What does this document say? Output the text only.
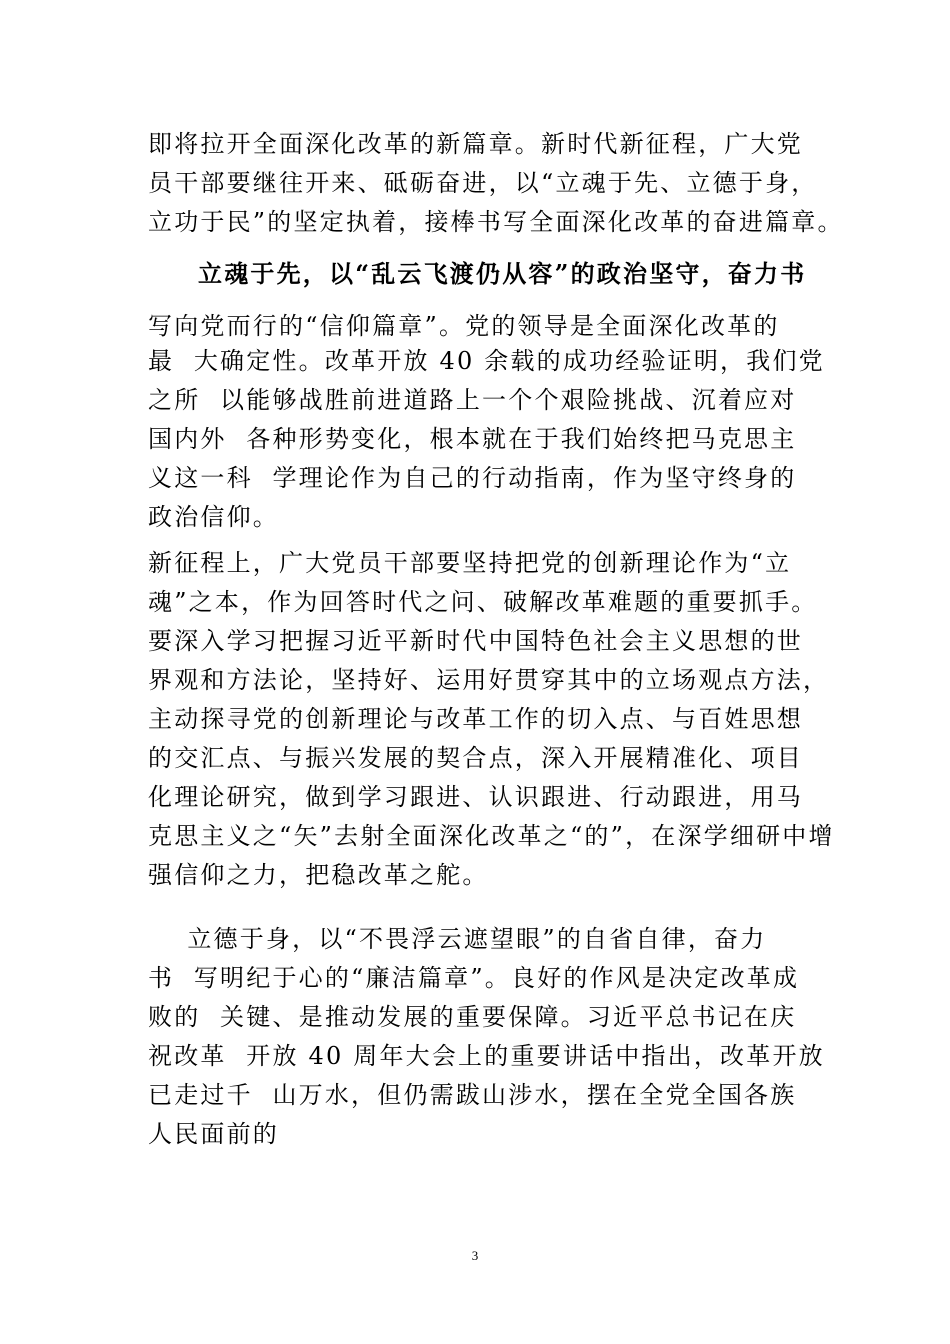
即将拉开全面深化改革的新篇章。新时代新征程，广大党
员干部要继往开来、砥砺奋进，以“立魂于先、立德于身，
立功于民”的坚定执着，接棒书写全面深化改革的奋进篇章。
立魂于先，以“乱云飞渡仍从容”的政治坚守，奋力书
写向党而行的“信仰篇章”。党的领导是全面深化改革的
最  大确定性。改革开放 40 余载的成功经验证明，我们党
之所  以能够战胜前进道路上一个个艰险挑战、沉着应对
国内外  各种形势变化，根本就在于我们始终把马克思主
义这一科  学理论作为自己的行动指南，作为坚守终身的
政治信仰。
新征程上，广大党员干部要坚持把党的创新理论作为“立
魂”之本，作为回答时代之问、破解改革难题的重要抓手。
要深入学习把握习近平新时代中国特色社会主义思想的世
界观和方法论，坚持好、运用好贯穿其中的立场观点方法，
主动探寻党的创新理论与改革工作的切入点、与百姓思想
的交汇点、与振兴发展的契合点，深入开展精准化、项目
化理论研究，做到学习跟进、认识跟进、行动跟进，用马
克思主义之“矢”去射全面深化改革之“的”，在深学细研中增
强信仰之力，把稳改革之舵。
立德于身，以“不畏浮云遮望眼”的自省自律，奋力
书  写明纪于心的“廉洁篇章”。良好的作风是决定改革成
败的  关键、是推动发展的重要保障。习近平总书记在庆
祝改革  开放 40 周年大会上的重要讲话中指出，改革开放
已走过千  山万水，但仍需跋山涉水，摆在全党全国各族
人民面前的
3
